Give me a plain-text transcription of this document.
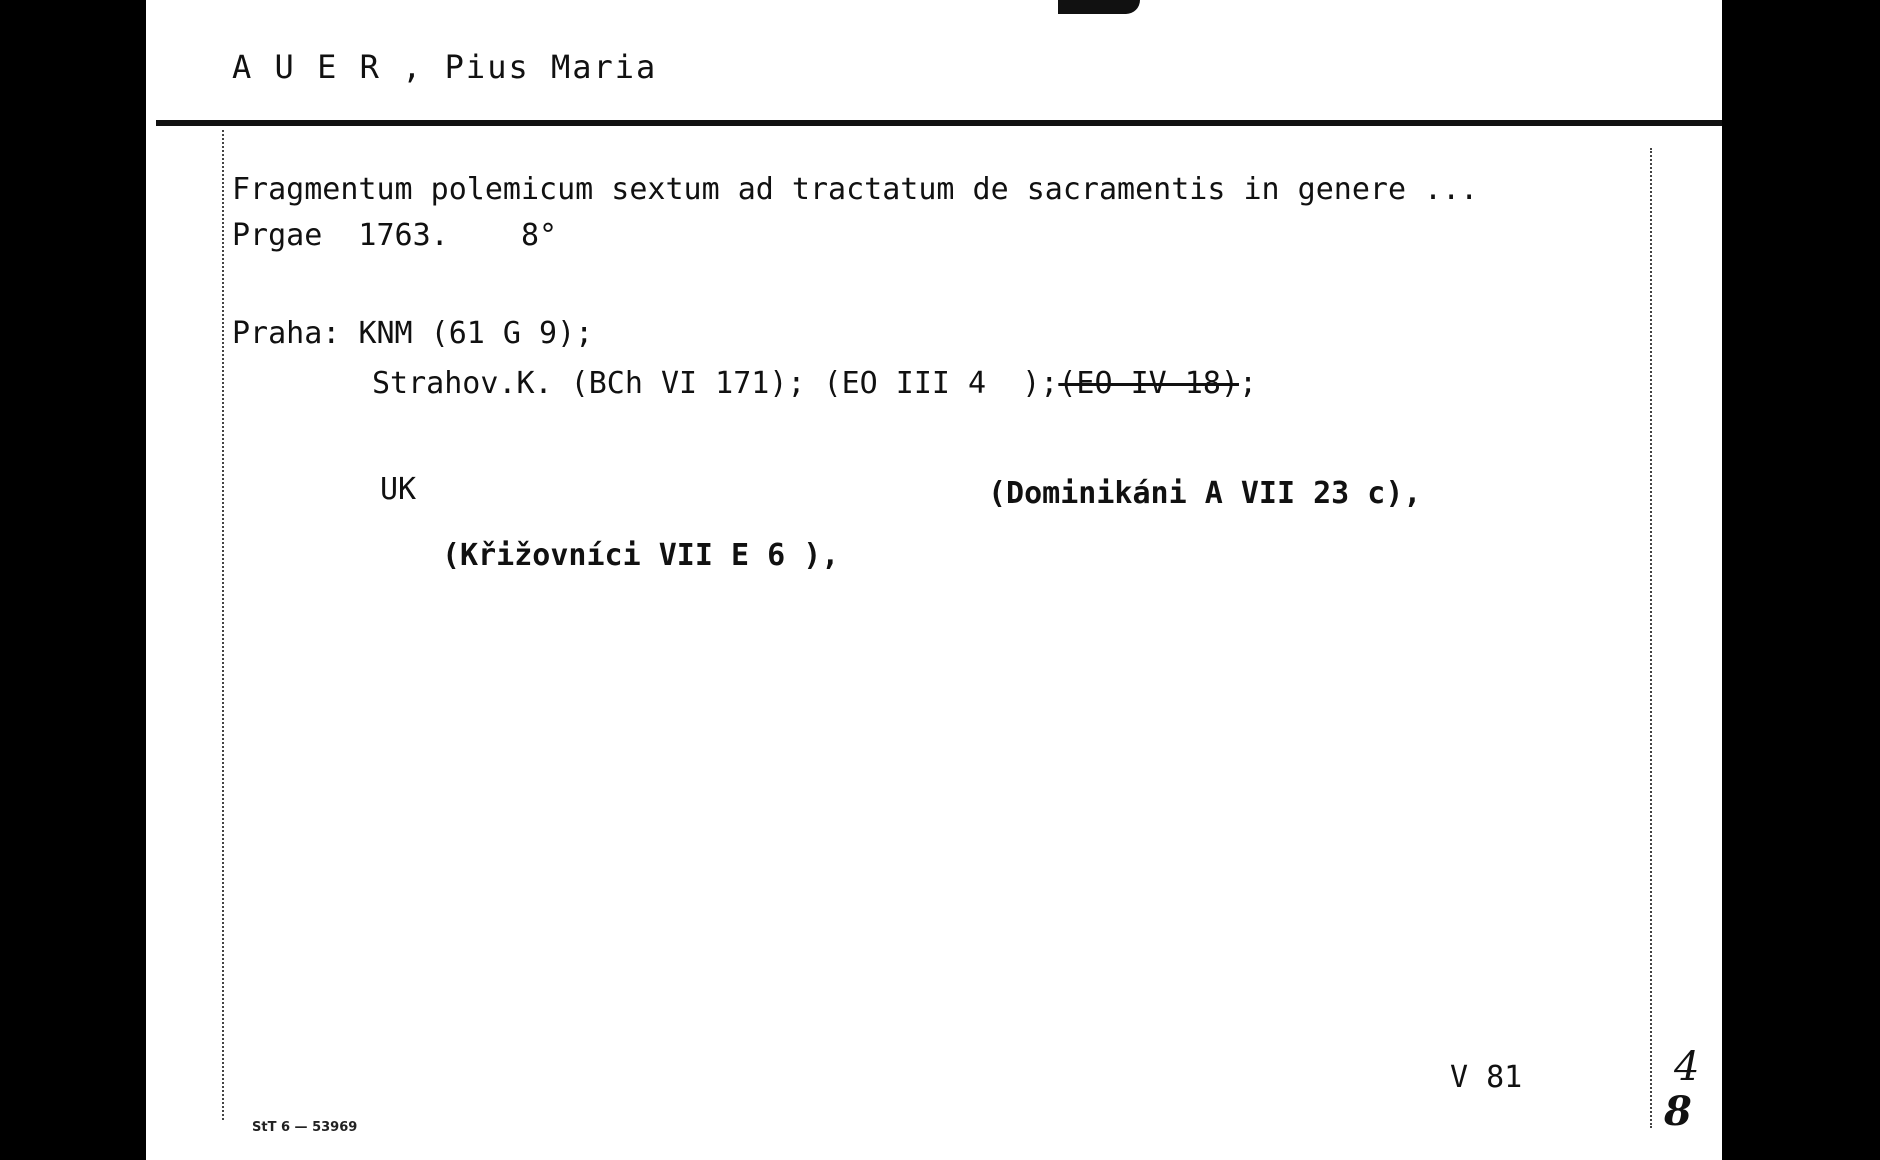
A U E R , Pius Maria
Fragmentum polemicum sextum ad tractatum de sacramentis in genere ...
Prgae  1763.    8°
Praha: KNM (61 G 9);
Strahov.K. (BCh VI 171); (EO III 4  );(EO IV 18);
UK	(Dominikáni A VII 23 c),
(Křižovníci VII E 6 ),
V 81	4
8
StT 6 — 53969
